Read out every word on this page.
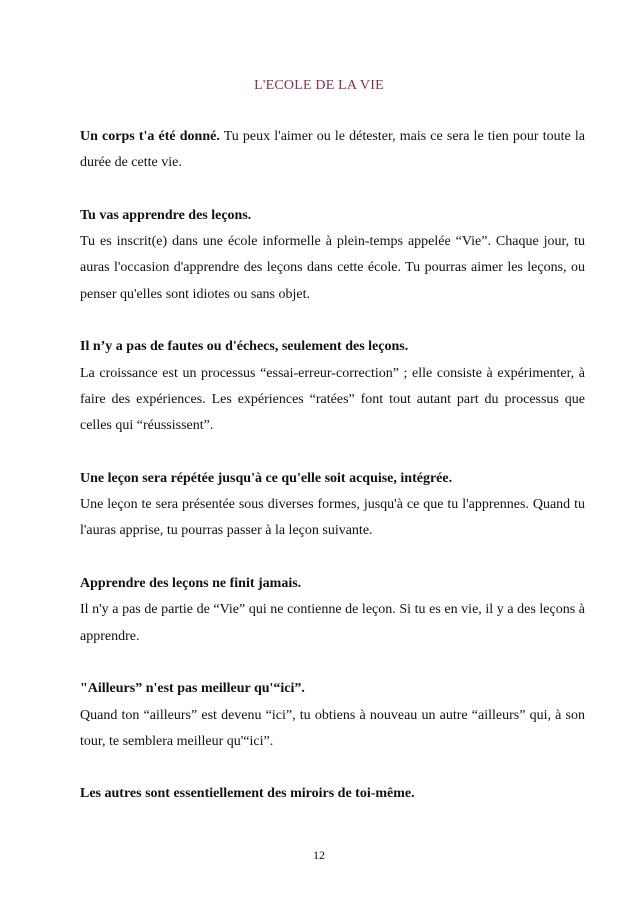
L'ECOLE DE LA VIE

Un corps t'a été donné. Tu peux l'aimer ou le détester, mais ce sera le tien pour toute la durée de cette vie.

Tu vas apprendre des leçons.

Tu es inscrit(e) dans une école informelle à plein-temps appelée “Vie”. Chaque jour, tu auras l'occasion d'apprendre des leçons dans cette école. Tu pourras aimer les leçons, ou penser qu'elles sont idiotes ou sans objet.

Il n’y a pas de fautes ou d'échecs, seulement des leçons.

La croissance est un processus “essai-erreur-correction” ; elle consiste à expérimenter, à faire des expériences. Les expériences “ratées” font tout autant part du processus que celles qui “réussissent”.

Une leçon sera répétée jusqu'à ce qu'elle soit acquise, intégrée.

Une leçon te sera présentée sous diverses formes, jusqu'à ce que tu l'apprennes. Quand tu l'auras apprise, tu pourras passer à la leçon suivante.

Apprendre des leçons ne finit jamais.

Il n'y a pas de partie de “Vie” qui ne contienne de leçon. Si tu es en vie, il y a des leçons à apprendre.

"Ailleurs” n'est pas meilleur qu'“ici”.

Quand ton “ailleurs” est devenu “ici”, tu obtiens à nouveau un autre “ailleurs” qui, à son tour, te semblera meilleur qu'“ici”.

Les autres sont essentiellement des miroirs de toi-même.

12
